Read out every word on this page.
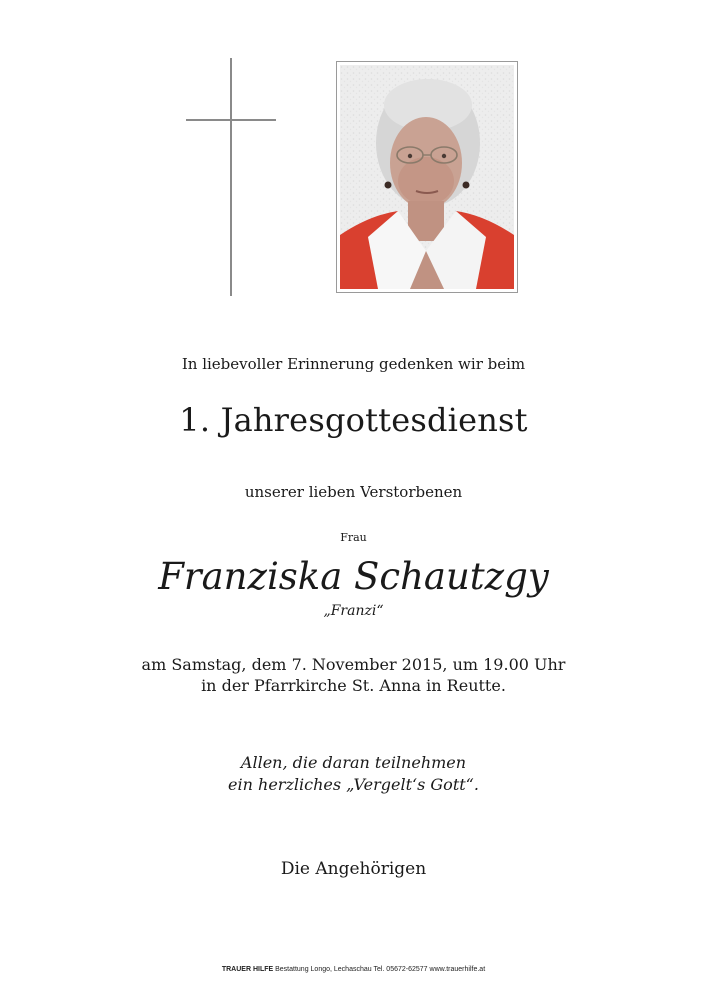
In liebevoller Erinnerung gedenken wir beim
1. Jahresgottesdienst
unserer lieben Verstorbenen
Frau
Franziska Schautzgy
„Franzi“
am Samstag, dem 7. November 2015, um 19.00 Uhr
in der Pfarrkirche St. Anna in Reutte.
Allen, die daran teilnehmen
ein herzliches „Vergelt‘s Gott“.
Die Angehörigen
TRAUER HILFE Bestattung Longo, Lechaschau Tel. 05672-62577 www.trauerhilfe.at
